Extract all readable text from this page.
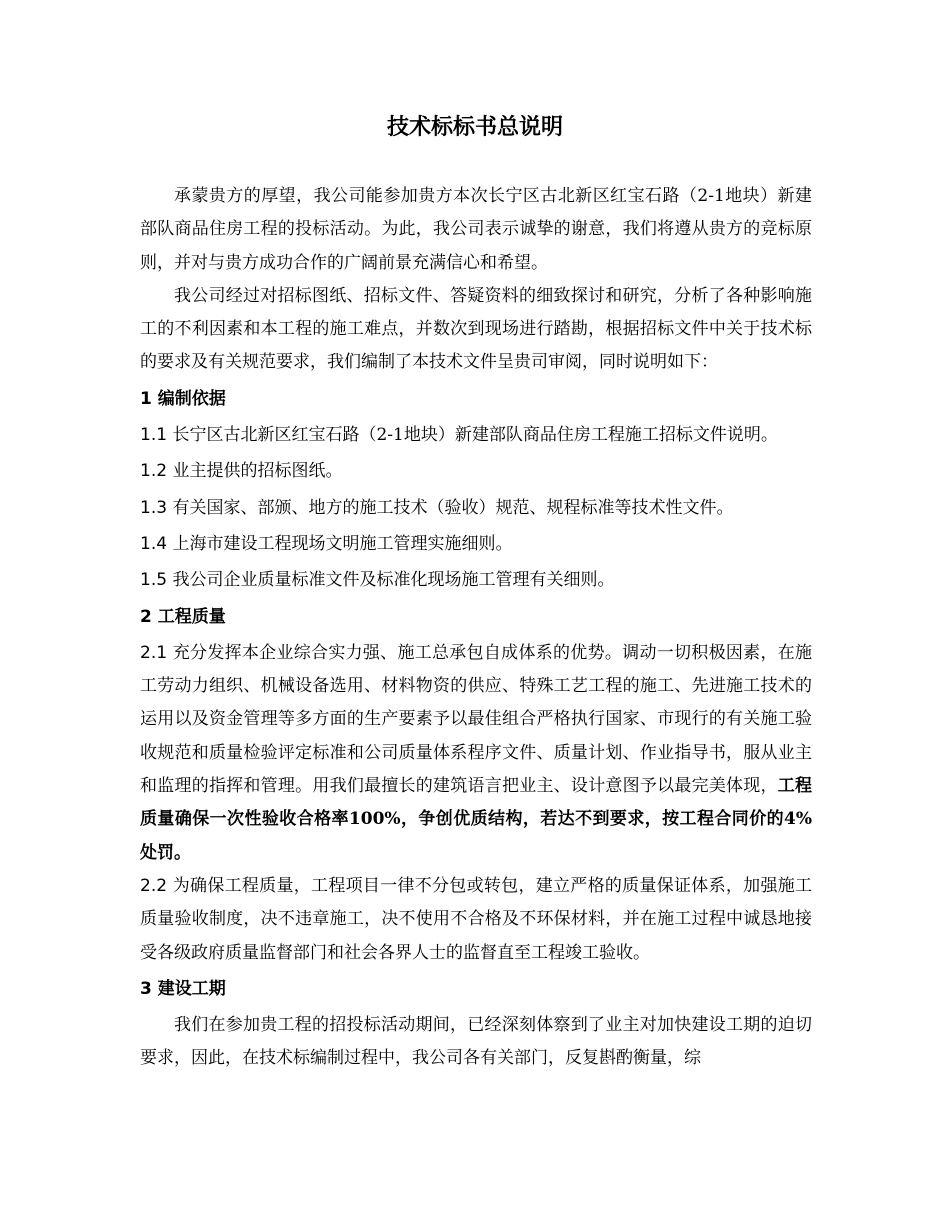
技术标标书总说明

承蒙贵方的厚望，我公司能参加贵方本次长宁区古北新区红宝石路（2-1地块）新建部队商品住房工程的投标活动。为此，我公司表示诚挚的谢意，我们将遵从贵方的竞标原则，并对与贵方成功合作的广阔前景充满信心和希望。

我公司经过对招标图纸、招标文件、答疑资料的细致探讨和研究，分析了各种影响施工的不利因素和本工程的施工难点，并数次到现场进行踏勘，根据招标文件中关于技术标的要求及有关规范要求，我们编制了本技术文件呈贵司审阅，同时说明如下：

1 编制依据

1.1 长宁区古北新区红宝石路（2-1地块）新建部队商品住房工程施工招标文件说明。

1.2 业主提供的招标图纸。

1.3 有关国家、部颁、地方的施工技术（验收）规范、规程标准等技术性文件。

1.4 上海市建设工程现场文明施工管理实施细则。

1.5 我公司企业质量标准文件及标准化现场施工管理有关细则。

2 工程质量

2.1 充分发挥本企业综合实力强、施工总承包自成体系的优势。调动一切积极因素，在施工劳动力组织、机械设备选用、材料物资的供应、特殊工艺工程的施工、先进施工技术的运用以及资金管理等多方面的生产要素予以最佳组合严格执行国家、市现行的有关施工验收规范和质量检验评定标准和公司质量体系程序文件、质量计划、作业指导书，服从业主和监理的指挥和管理。用我们最擅长的建筑语言把业主、设计意图予以最完美体现，工程质量确保一次性验收合格率100%，争创优质结构，若达不到要求，按工程合同价的4%处罚。

2.2 为确保工程质量，工程项目一律不分包或转包，建立严格的质量保证体系，加强施工质量验收制度，决不违章施工，决不使用不合格及不环保材料，并在施工过程中诚恳地接受各级政府质量监督部门和社会各界人士的监督直至工程竣工验收。

3 建设工期

我们在参加贵工程的招投标活动期间，已经深刻体察到了业主对加快建设工期的迫切要求，因此，在技术标编制过程中，我公司各有关部门，反复斟酌衡量，综
